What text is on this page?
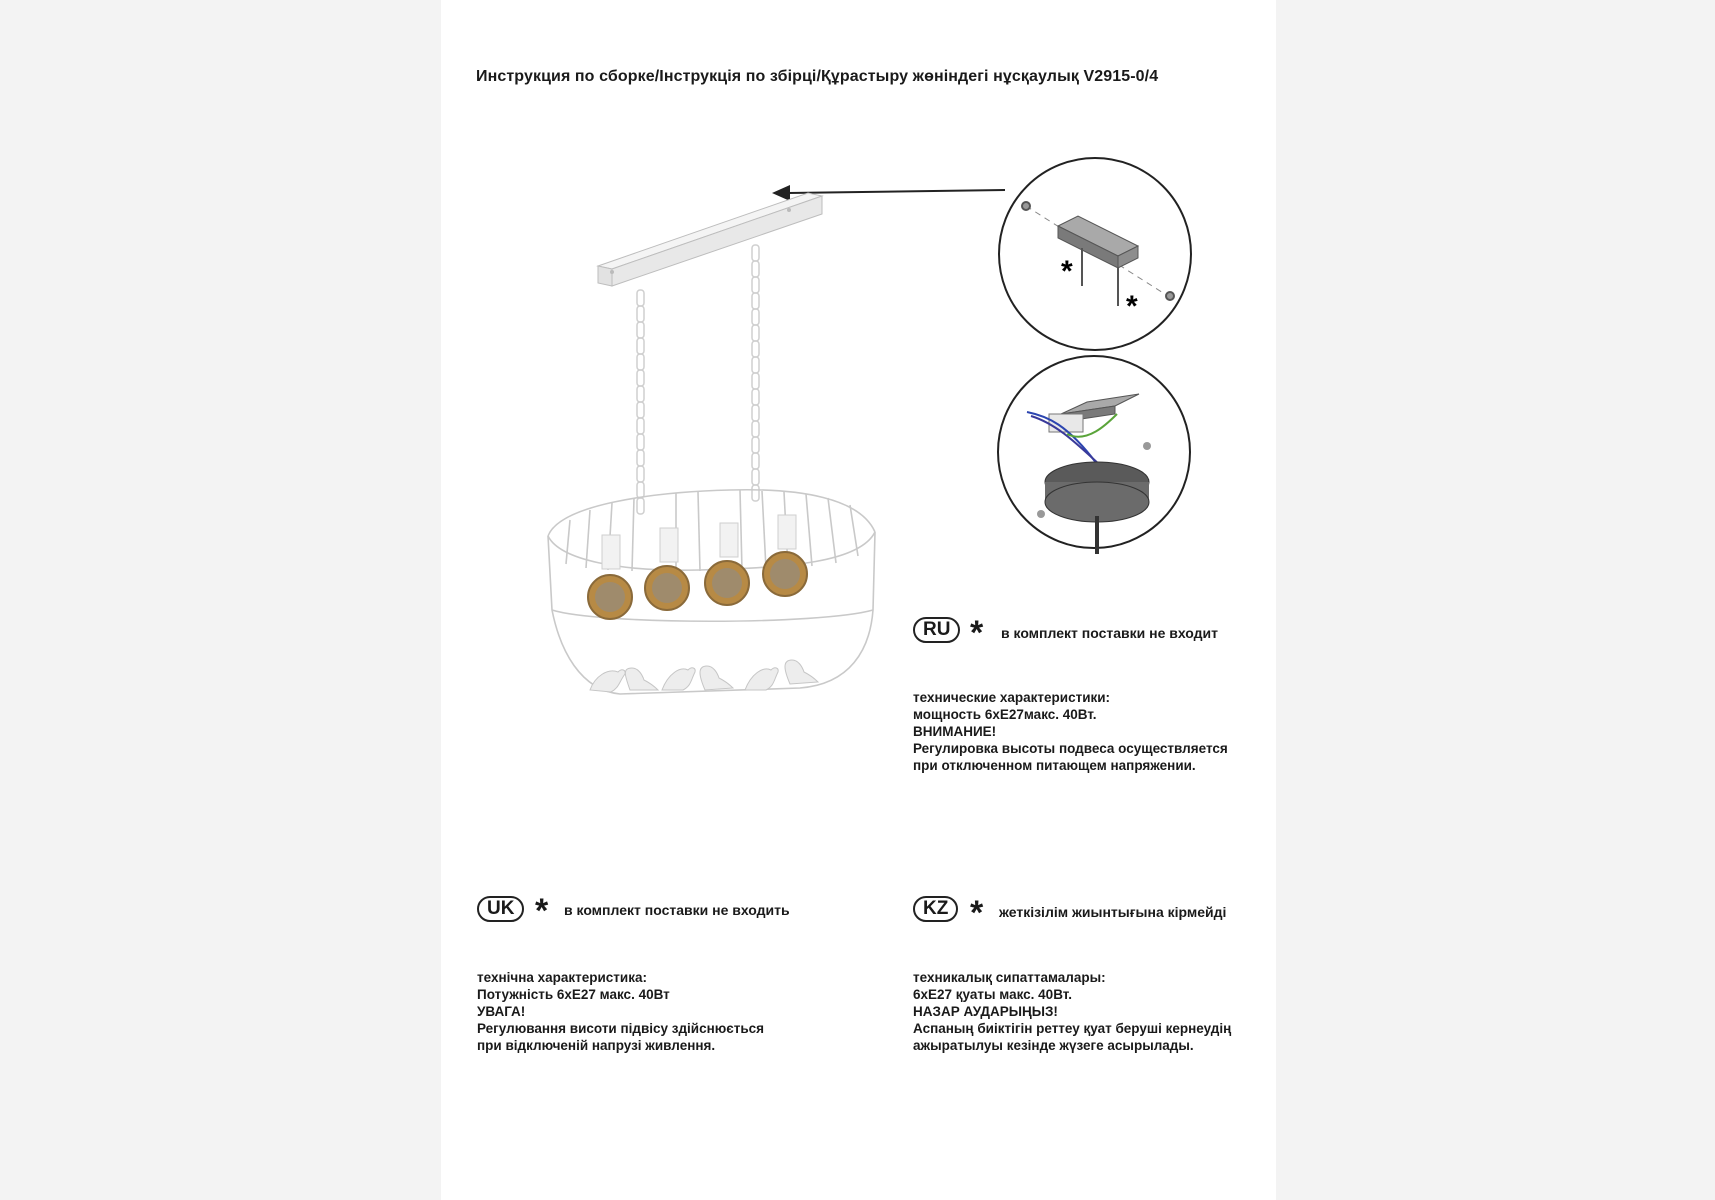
Инструкция по сборке/Інструкція по збірці/Құрастыру жөніндегі нұсқаулық V2915-0/4
*
*
RU * в комплект поставки не входит
технические характеристики:
мощность 6хЕ27макс. 40Вт.
ВНИМАНИЕ!
Регулировка высоты подвеса осуществляется
при отключенном питающем напряжении.
UK * в комплект поставки не входить
технічна характеристика:
Потужність 6хЕ27 макс. 40Вт
УВАГА!
Регулювання висоти підвісу здійснюється
при відключеній напрузі живлення.
KZ * жеткізілім жиынтығына кірмейді
техникалық сипаттамалары:
6хЕ27 қуаты макс. 40Вт.
НАЗАР АУДАРЫҢЫЗ!
Аспаның биіктігін реттеу қуат беруші кернеудің
ажыратылуы кезінде жүзеге асырылады.
